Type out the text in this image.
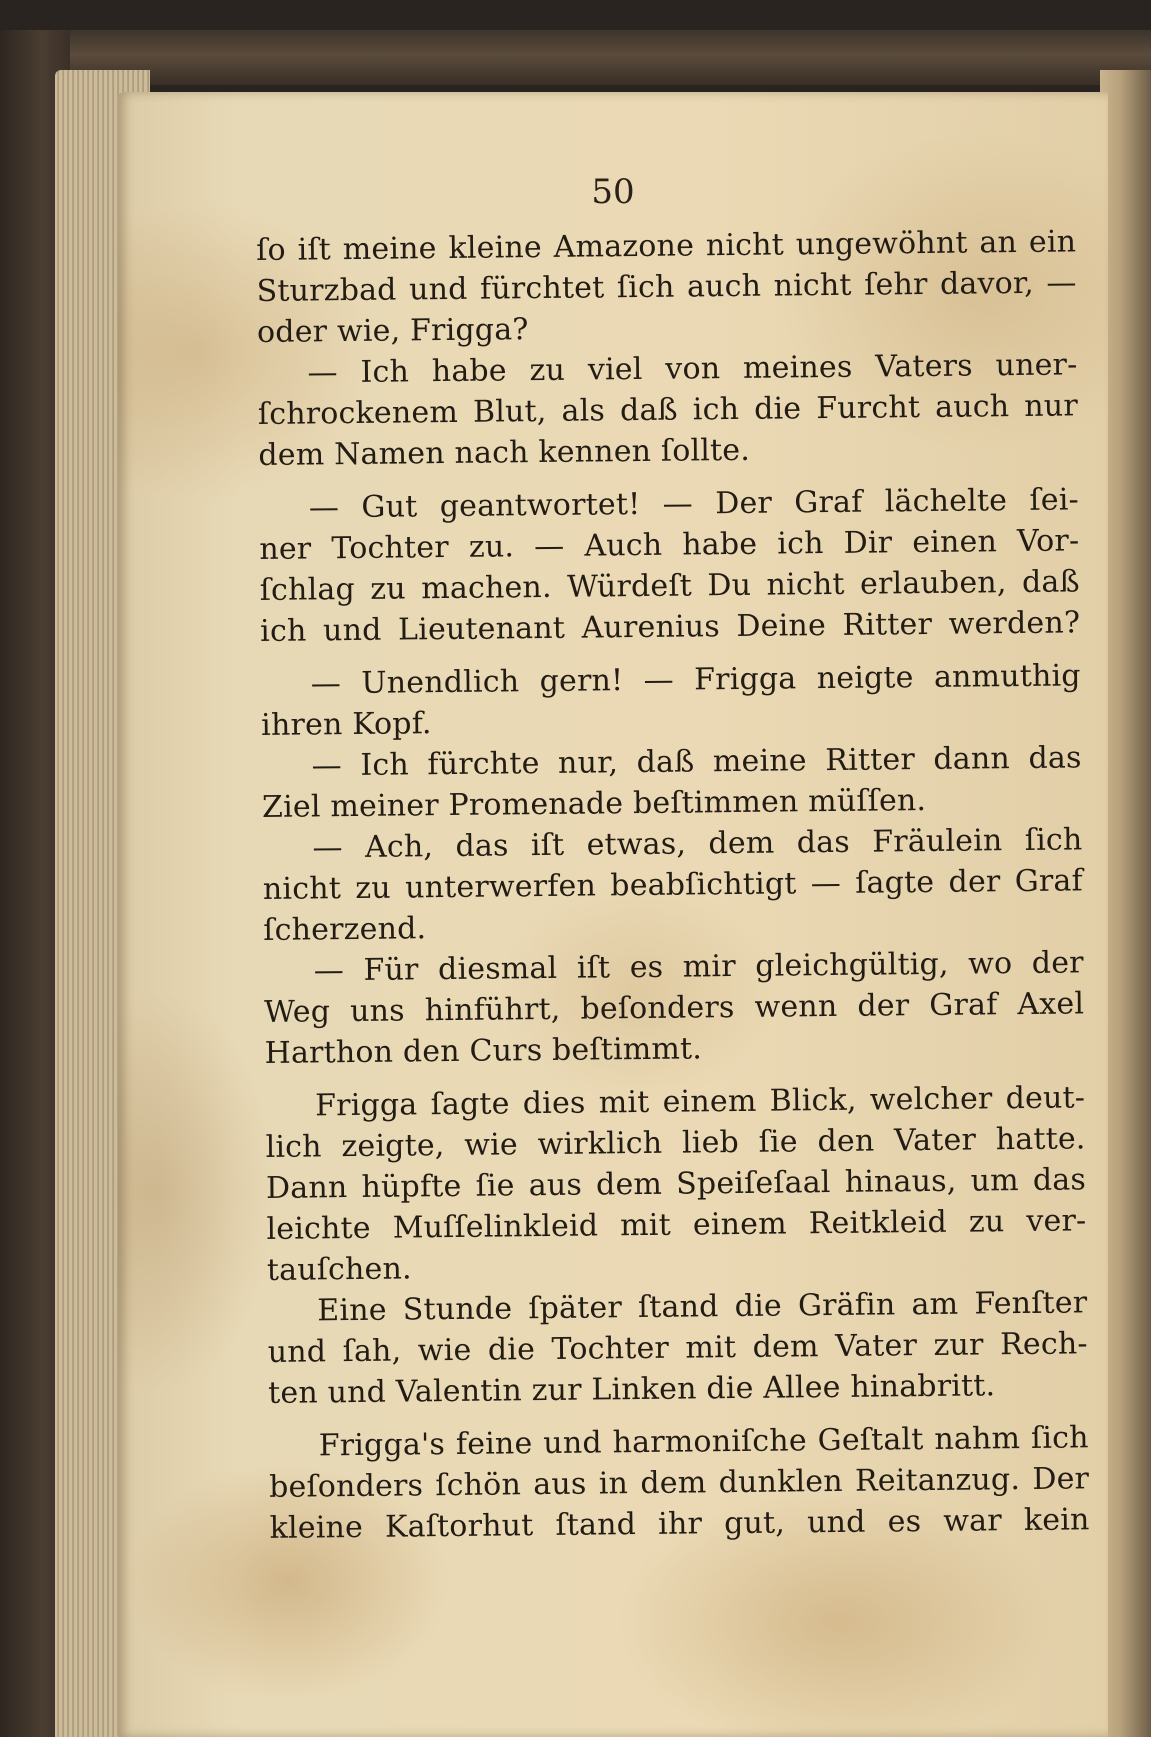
50
ſo iſt meine kleine Amazone nicht ungewöhnt an ein
Sturzbad und fürchtet ſich auch nicht ſehr davor, —
oder wie, Frigga?
— Ich habe zu viel von meines Vaters uner-
ſchrockenem Blut, als daß ich die Furcht auch nur
dem Namen nach kennen ſollte.
— Gut geantwortet! — Der Graf lächelte ſei-
ner Tochter zu. — Auch habe ich Dir einen Vor-
ſchlag zu machen. Würdeſt Du nicht erlauben, daß
ich und Lieutenant Aurenius Deine Ritter werden?
— Unendlich gern! — Frigga neigte anmuthig
ihren Kopf.
— Ich fürchte nur, daß meine Ritter dann das
Ziel meiner Promenade beſtimmen müſſen.
— Ach, das iſt etwas, dem das Fräulein ſich
nicht zu unterwerfen beabſichtigt — ſagte der Graf
ſcherzend.
— Für diesmal iſt es mir gleichgültig, wo der
Weg uns hinführt, beſonders wenn der Graf Axel
Harthon den Curs beſtimmt.
Frigga ſagte dies mit einem Blick, welcher deut-
lich zeigte, wie wirklich lieb ſie den Vater hatte.
Dann hüpfte ſie aus dem Speiſeſaal hinaus, um das
leichte Muſſelinkleid mit einem Reitkleid zu ver-
tauſchen.
Eine Stunde ſpäter ſtand die Gräfin am Fenſter
und ſah, wie die Tochter mit dem Vater zur Rech-
ten und Valentin zur Linken die Allee hinabritt.
Frigga's feine und harmoniſche Geſtalt nahm ſich
beſonders ſchön aus in dem dunklen Reitanzug. Der
kleine Kaſtorhut ſtand ihr gut, und es war kein
